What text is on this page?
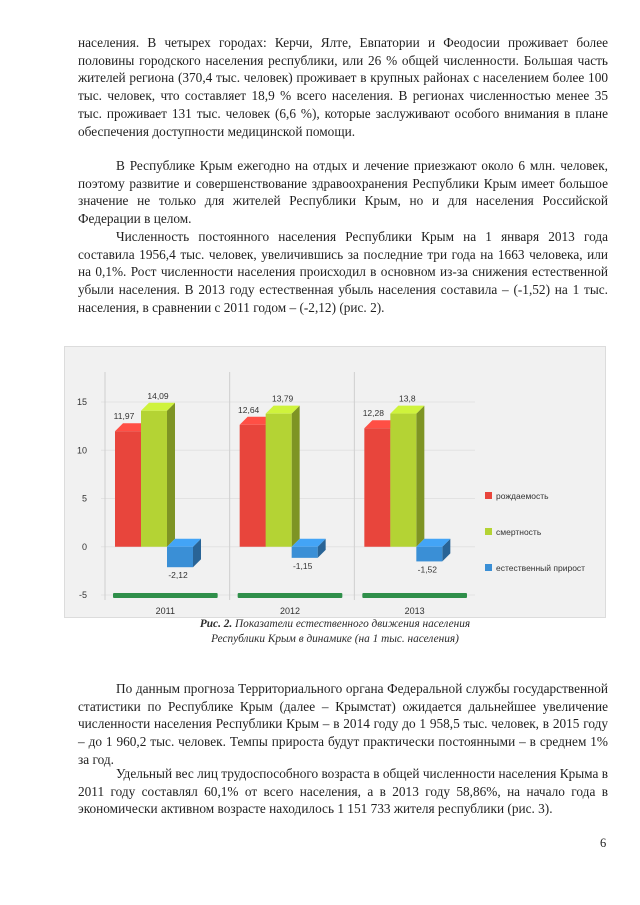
населения. В четырех городах: Керчи, Ялте, Евпатории и Феодосии проживает более половины городского населения республики, или 26 % общей численности. Большая часть жителей региона (370,4 тыс. человек) проживает в крупных районах с населением более 100 тыс. человек, что составляет 18,9 % всего населения. В регионах численностью менее 35 тыс. проживает 131 тыс. человек (6,6 %), которые заслуживают особого внимания в плане обеспечения доступности медицинской помощи.

В Республике Крым ежегодно на отдых и лечение приезжают около 6 млн. человек, поэтому развитие и совершенствование здравоохранения Республики Крым имеет большое значение не только для жителей Республики Крым, но и для населения Российской Федерации в целом.

Численность постоянного населения Республики Крым на 1 января 2013 года составила 1956,4 тыс. человек, увеличившись за последние три года на 1663 человека, или на 0,1%. Рост численности населения происходил в основном из-за снижения естественной убыли населения. В 2013 году естественная убыль населения составила – (-1,52) на 1 тыс. населения, в сравнении с 2011 годом – (-2,12) (рис. 2).

15
10
5
0
-5
2011
11,97
14,09
-2,12
2012
12,64
13,79
-1,15
2013
12,28
13,8
-1,52
рождаемость
смертность
естественный прирост
Рис. 2. Показатели естественного движения населения
Республики Крым в динамике (на 1 тыс. населения)

По данным прогноза Территориального органа Федеральной службы государственной статистики по Республике Крым (далее – Крымстат) ожидается дальнейшее увеличение численности населения Республики Крым – в 2014 году до 1 958,5 тыс. человек, в 2015 году – до 1 960,2 тыс. человек. Темпы прироста будут практически постоянными – в среднем 1% за год.

Удельный вес лиц трудоспособного возраста в общей численности населения Крыма в 2011 году составлял 60,1% от всего населения, а в 2013 году 58,86%, на начало года в экономически активном возрасте находилось 1 151 733 жителя республики (рис. 3).

6
